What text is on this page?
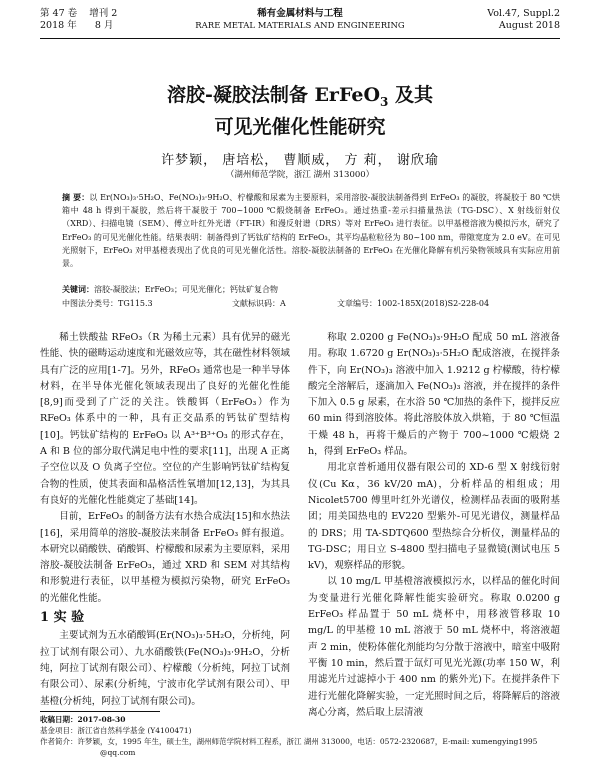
第 47 卷 增刊 2
2018 年 8 月
稀有金属材料与工程
RARE METAL MATERIALS AND ENGINEERING
Vol.47, Suppl.2
August 2018
溶胶-凝胶法制备 ErFeO$_3$ 及其
可见光催化性能研究
许梦颖， 唐培松， 曹顺威， 方 莉， 谢欣瑜
（湖州师范学院，浙江 湖州 313000）
摘 要：以 Er(NO₃)₃·5H₂O、Fe(NO₃)₃·9H₂O、柠檬酸和尿素为主要原料，采用溶胶-凝胶法制备得到 ErFeO₃ 的凝胶，将凝胶于 80 ℃烘箱中 48 h 得到干凝胶，然后将干凝胶于 700~1000 ℃煅烧制备 ErFeO₃。通过热重-差示扫描量热法（TG-DSC）、X 射线衍射仪（XRD）、扫描电镜（SEM）、傅立叶红外光谱（FT-IR）和漫反射谱（DRS）等对 ErFeO₃ 进行表征。以甲基橙溶液为模拟污水，研究了 ErFeO₃ 的可见光催化性能。结果表明：制备得到了钙钛矿结构的 ErFeO₃，其平均晶粒粒径为 80~100 nm，带隙宽度为 2.0 eV。在可见光照射下，ErFeO₃ 对甲基橙表现出了优良的可见光催化活性。溶胶-凝胶法制备的 ErFeO₃ 在光催化降解有机污染物领域具有实际应用前景。
关键词：溶胶-凝胶法；ErFeO₃；可见光催化；钙钛矿复合物
中图法分类号：TG115.3	文献标识码：A	文章编号：1002-185X(2018)S2-228-04

稀土铁酸盐 RFeO₃（R 为稀土元素）具有优异的磁光性能、快的磁畴运动速度和光磁效应等，其在磁性材料领域具有广泛的应用[1-7]。另外，RFeO₃ 通常也是一种半导体材料，在半导体光催化领域表现出了良好的光催化性能[8,9]而受到了广泛的关注。铁酸铒（ErFeO₃）作为 RFeO₃ 体系中的一种，具有正交晶系的钙钛矿型结构[10]。钙钛矿结构的 ErFeO₃ 以 A³⁺B³⁺O₃ 的形式存在，A 和 B 位的部分取代满足电中性的要求[11]，出现 A 正离子空位以及 O 负离子空位。空位的产生影响钙钛矿结构复合物的性质，使其表面和晶格活性氧增加[12,13]，为其具有良好的光催化性能奠定了基础[14]。

目前，ErFeO₃ 的制备方法有水热合成法[15]和水热法[16]，采用简单的溶胶-凝胶法来制备 ErFeO₃ 鲜有报道。本研究以硝酸铁、硝酸铒、柠檬酸和尿素为主要原料，采用溶胶-凝胶法制备 ErFeO₃，通过 XRD 和 SEM 对其结构和形貌进行表征，以甲基橙为模拟污染物，研究 ErFeO₃ 的光催化性能。

1 实 验

主要试剂为五水硝酸铒(Er(NO₃)₃·5H₂O，分析纯，阿拉丁试剂有限公司）、九水硝酸铁(Fe(NO₃)₃·9H₂O，分析纯，阿拉丁试剂有限公司）、柠檬酸（分析纯，阿拉丁试剂有限公司）、尿素(分析纯，宁波市化学试剂有限公司）、甲基橙(分析纯，阿拉丁试剂有限公司)。

称取 2.0200 g Fe(NO₃)₃·9H₂O 配成 50 mL 溶液备用。称取 1.6720 g Er(NO₃)₃·5H₂O 配成溶液，在搅拌条件下，向 Er(NO₃)₃ 溶液中加入 1.9212 g 柠檬酸，待柠檬酸完全溶解后，逐滴加入 Fe(NO₃)₃ 溶液，并在搅拌的条件下加入 0.5 g 尿素，在水浴 50 ℃加热的条件下，搅拌反应 60 min 得到溶胶体。将此溶胶体放入烘箱，于 80 ℃恒温干燥 48 h，再将干燥后的产物于 700~1000 ℃煅烧 2 h，得到 ErFeO₃ 样品。

用北京普析通用仪器有限公司的 XD-6 型 X 射线衍射仪(Cu Kα，36 kV/20 mA)，分析样品的相组成；用 Nicolet5700 傅里叶红外光谱仪，检测样品表面的吸附基团；用美国热电的 EV220 型紫外-可见光谱仪，测量样品的 DRS；用 TA-SDTQ600 型热综合分析仪，测量样品的 TG-DSC；用日立 S-4800 型扫描电子显微镜(测试电压 5 kV)，观察样品的形貌。

以 10 mg/L 甲基橙溶液模拟污水，以样品的催化时间为变量进行光催化降解性能实验研究。称取 0.0200 g ErFeO₃ 样品置于 50 mL 烧杯中，用移液管移取 10 mg/L 的甲基橙 10 mL 溶液于 50 mL 烧杯中，将溶液超声 2 min，使粉体催化剂能均匀分散于溶液中，暗室中吸附平衡 10 min，然后置于氙灯可见光光源(功率 150 W，利用滤光片过滤掉小于 400 nm 的紫外光)下。在搅拌条件下进行光催化降解实验，一定光照时间之后，将降解后的溶液离心分离，然后取上层清液

收稿日期：2017-08-30
基金项目：浙江省自然科学基金 (Y4100471)
作者简介：许梦颖，女，1995 年生，硕士生，湖州师范学院材料工程系，浙江 湖州 313000，电话：0572-2320687，E-mail: xumengying1995
@qq.com
